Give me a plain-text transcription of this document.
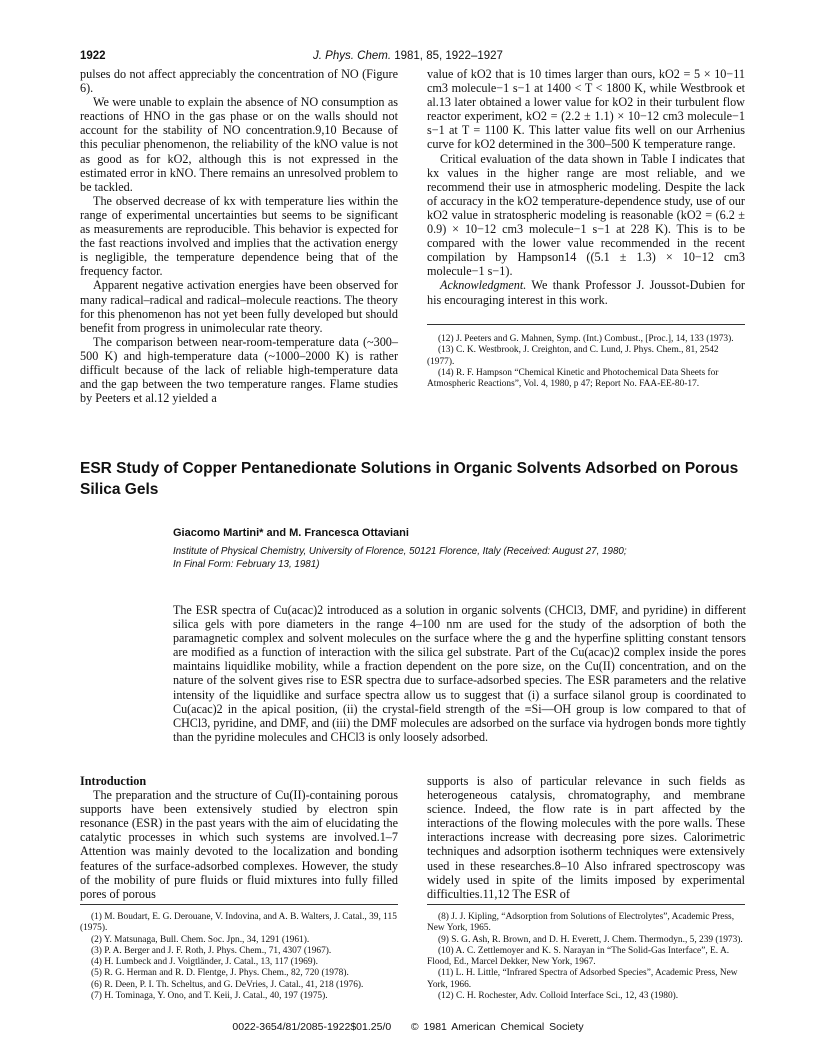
1922	J. Phys. Chem. 1981, 85, 1922–1927

pulses do not affect appreciably the concentration of NO (Figure 6).

We were unable to explain the absence of NO consumption as reactions of HNO in the gas phase or on the walls should not account for the stability of NO concentration.9,10 Because of this peculiar phenomenon, the reliability of the kNO value is not as good as for kO2, although this is not expressed in the estimated error in kNO. There remains an unresolved problem to be tackled.

The observed decrease of kx with temperature lies within the range of experimental uncertainties but seems to be significant as measurements are reproducible. This behavior is expected for the fast reactions involved and implies that the activation energy is negligible, the temperature dependence being that of the frequency factor.

Apparent negative activation energies have been observed for many radical–radical and radical–molecule reactions. The theory for this phenomenon has not yet been fully developed but should benefit from progress in unimolecular rate theory.

The comparison between near-room-temperature data (~300–500 K) and high-temperature data (~1000–2000 K) is rather difficult because of the lack of reliable high-temperature data and the gap between the two temperature ranges. Flame studies by Peeters et al.12 yielded a

value of kO2 that is 10 times larger than ours, kO2 = 5 × 10−11 cm3 molecule−1 s−1 at 1400 < T < 1800 K, while Westbrook et al.13 later obtained a lower value for kO2 in their turbulent flow reactor experiment, kO2 = (2.2 ± 1.1) × 10−12 cm3 molecule−1 s−1 at T = 1100 K. This latter value fits well on our Arrhenius curve for kO2 determined in the 300–500 K temperature range.

Critical evaluation of the data shown in Table I indicates that kx values in the higher range are most reliable, and we recommend their use in atmospheric modeling. Despite the lack of accuracy in the kO2 temperature-dependence study, use of our kO2 value in stratospheric modeling is reasonable (kO2 = (6.2 ± 0.9) × 10−12 cm3 molecule−1 s−1 at 228 K). This is to be compared with the lower value recommended in the recent compilation by Hampson14 ((5.1 ± 1.3) × 10−12 cm3 molecule−1 s−1).

Acknowledgment. We thank Professor J. Joussot-Dubien for his encouraging interest in this work.

(12) J. Peeters and G. Mahnen, Symp. (Int.) Combust., [Proc.], 14, 133 (1973).
(13) C. K. Westbrook, J. Creighton, and C. Lund, J. Phys. Chem., 81, 2542 (1977).
(14) R. F. Hampson “Chemical Kinetic and Photochemical Data Sheets for Atmospheric Reactions”, Vol. 4, 1980, p 47; Report No. FAA-EE-80-17.
ESR Study of Copper Pentanedionate Solutions in Organic Solvents Adsorbed on Porous
Silica Gels
Giacomo Martini* and M. Francesca Ottaviani
Institute of Physical Chemistry, University of Florence, 50121 Florence, Italy (Received: August 27, 1980;
In Final Form: February 13, 1981)
The ESR spectra of Cu(acac)2 introduced as a solution in organic solvents (CHCl3, DMF, and pyridine) in different silica gels with pore diameters in the range 4–100 nm are used for the study of the adsorption of both the paramagnetic complex and solvent molecules on the surface where the g and the hyperfine splitting constant tensors are modified as a function of interaction with the silica gel substrate. Part of the Cu(acac)2 complex inside the pores maintains liquidlike mobility, while a fraction dependent on the pore size, on the Cu(II) concentration, and on the nature of the solvent gives rise to ESR spectra due to surface-adsorbed species. The ESR parameters and the relative intensity of the liquidlike and surface spectra allow us to suggest that (i) a surface silanol group is coordinated to Cu(acac)2 in the apical position, (ii) the crystal-field strength of the ≡Si—OH group is low compared to that of CHCl3, pyridine, and DMF, and (iii) the DMF molecules are adsorbed on the surface via hydrogen bonds more tightly than the pyridine molecules and CHCl3 is only loosely adsorbed.
Introduction

The preparation and the structure of Cu(II)-containing porous supports have been extensively studied by electron spin resonance (ESR) in the past years with the aim of elucidating the catalytic processes in which such systems are involved.1–7 Attention was mainly devoted to the localization and bonding features of the surface-adsorbed complexes. However, the study of the mobility of pure fluids or fluid mixtures into fully filled pores of porous

supports is also of particular relevance in such fields as heterogeneous catalysis, chromatography, and membrane science. Indeed, the flow rate is in part affected by the interactions of the flowing molecules with the pore walls. These interactions increase with decreasing pore sizes. Calorimetric techniques and adsorption isotherm techniques were extensively used in these researches.8–10 Also infrared spectroscopy was widely used in spite of the limits imposed by experimental difficulties.11,12 The ESR of

(1) M. Boudart, E. G. Derouane, V. Indovina, and A. B. Walters, J. Catal., 39, 115 (1975).
(2) Y. Matsunaga, Bull. Chem. Soc. Jpn., 34, 1291 (1961).
(3) P. A. Berger and J. F. Roth, J. Phys. Chem., 71, 4307 (1967).
(4) H. Lumbeck and J. Voigtländer, J. Catal., 13, 117 (1969).
(5) R. G. Herman and R. D. Flentge, J. Phys. Chem., 82, 720 (1978).
(6) R. Deen, P. I. Th. Scheltus, and G. DeVries, J. Catal., 41, 218 (1976).
(7) H. Tominaga, Y. Ono, and T. Keii, J. Catal., 40, 197 (1975).
(8) J. J. Kipling, “Adsorption from Solutions of Electrolytes”, Academic Press, New York, 1965.
(9) S. G. Ash, R. Brown, and D. H. Everett, J. Chem. Thermodyn., 5, 239 (1973).
(10) A. C. Zettlemoyer and K. S. Narayan in “The Solid-Gas Interface”, E. A. Flood, Ed., Marcel Dekker, New York, 1967.
(11) L. H. Little, “Infrared Spectra of Adsorbed Species”, Academic Press, New York, 1966.
(12) C. H. Rochester, Adv. Colloid Interface Sci., 12, 43 (1980).
0022-3654/81/2085-1922$01.25/0 © 1981 American Chemical Society
